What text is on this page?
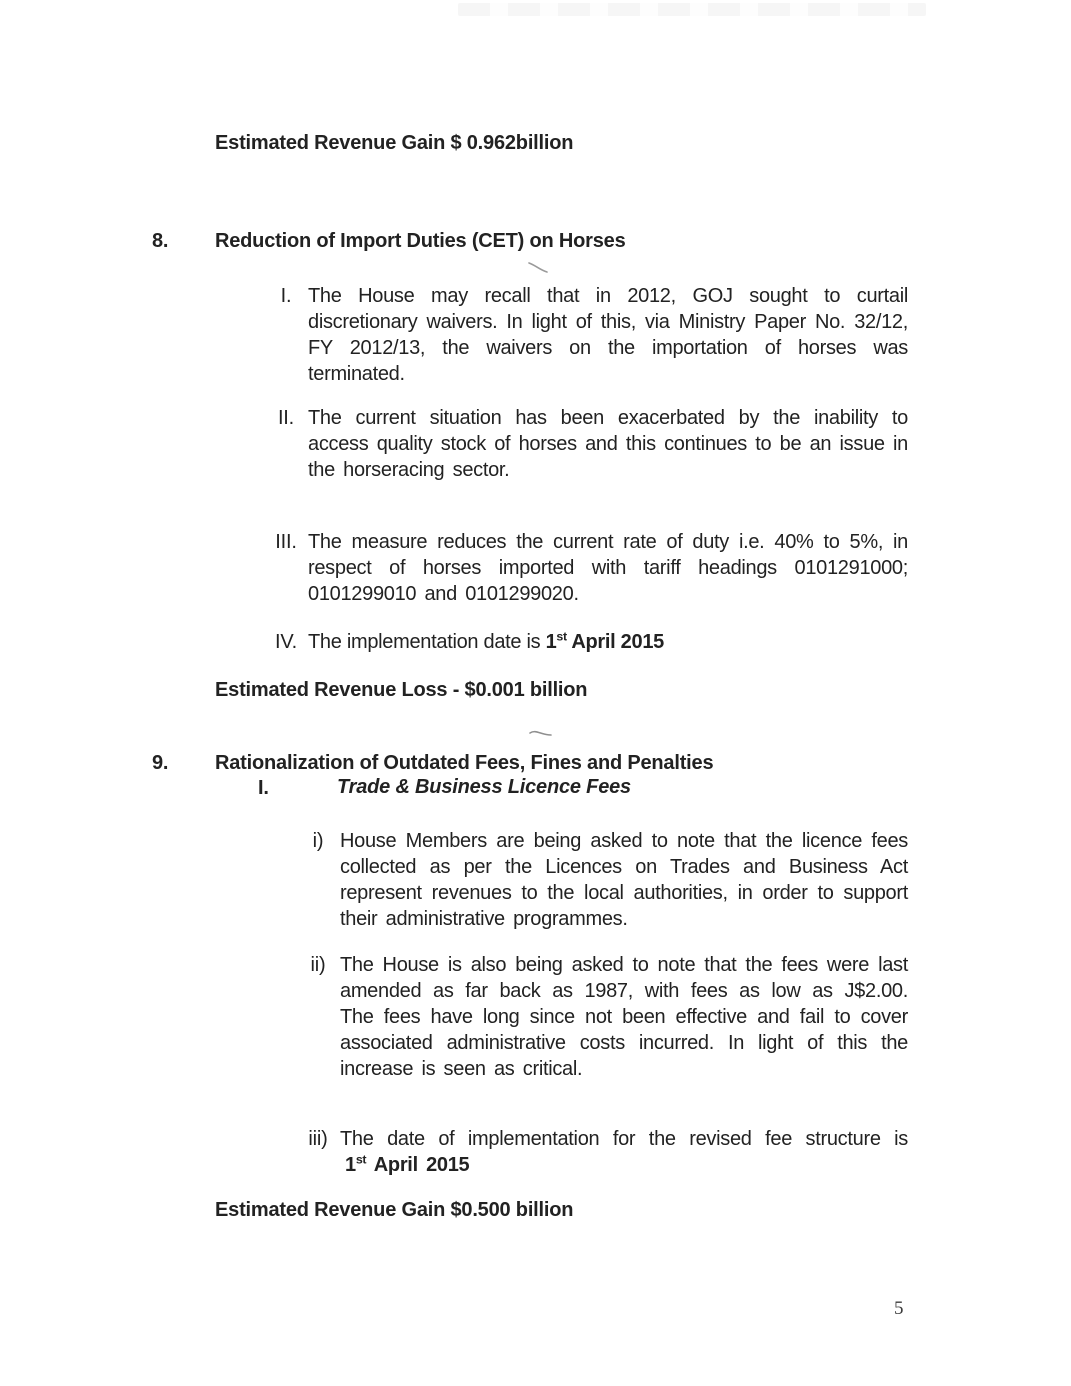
Estimated Revenue Gain $ 0.962billion
8. Reduction of Import Duties (CET) on Horses
I. The House may recall that in 2012, GOJ sought to curtail discretionary waivers. In light of this, via Ministry Paper No. 32/12, FY 2012/13, the waivers on the importation of horses was terminated.
II. The current situation has been exacerbated by the inability to access quality stock of horses and this continues to be an issue in the horseracing sector.
III. The measure reduces the current rate of duty i.e. 40% to 5%, in respect of horses imported with tariff headings 0101291000; 0101299010 and 0101299020.
IV. The implementation date is 1st April 2015
Estimated Revenue Loss - $0.001 billion
9. Rationalization of Outdated Fees, Fines and Penalties
I.	Trade & Business Licence Fees
i) House Members are being asked to note that the licence fees collected as per the Licences on Trades and Business Act represent revenues to the local authorities, in order to support their administrative programmes.
ii) The House is also being asked to note that the fees were last amended as far back as 1987, with fees as low as J$2.00. The fees have long since not been effective and fail to cover associated administrative costs incurred. In light of this the increase is seen as critical.
iii) The date of implementation for the revised fee structure is
1st April 2015
Estimated Revenue Gain $0.500 billion
5
